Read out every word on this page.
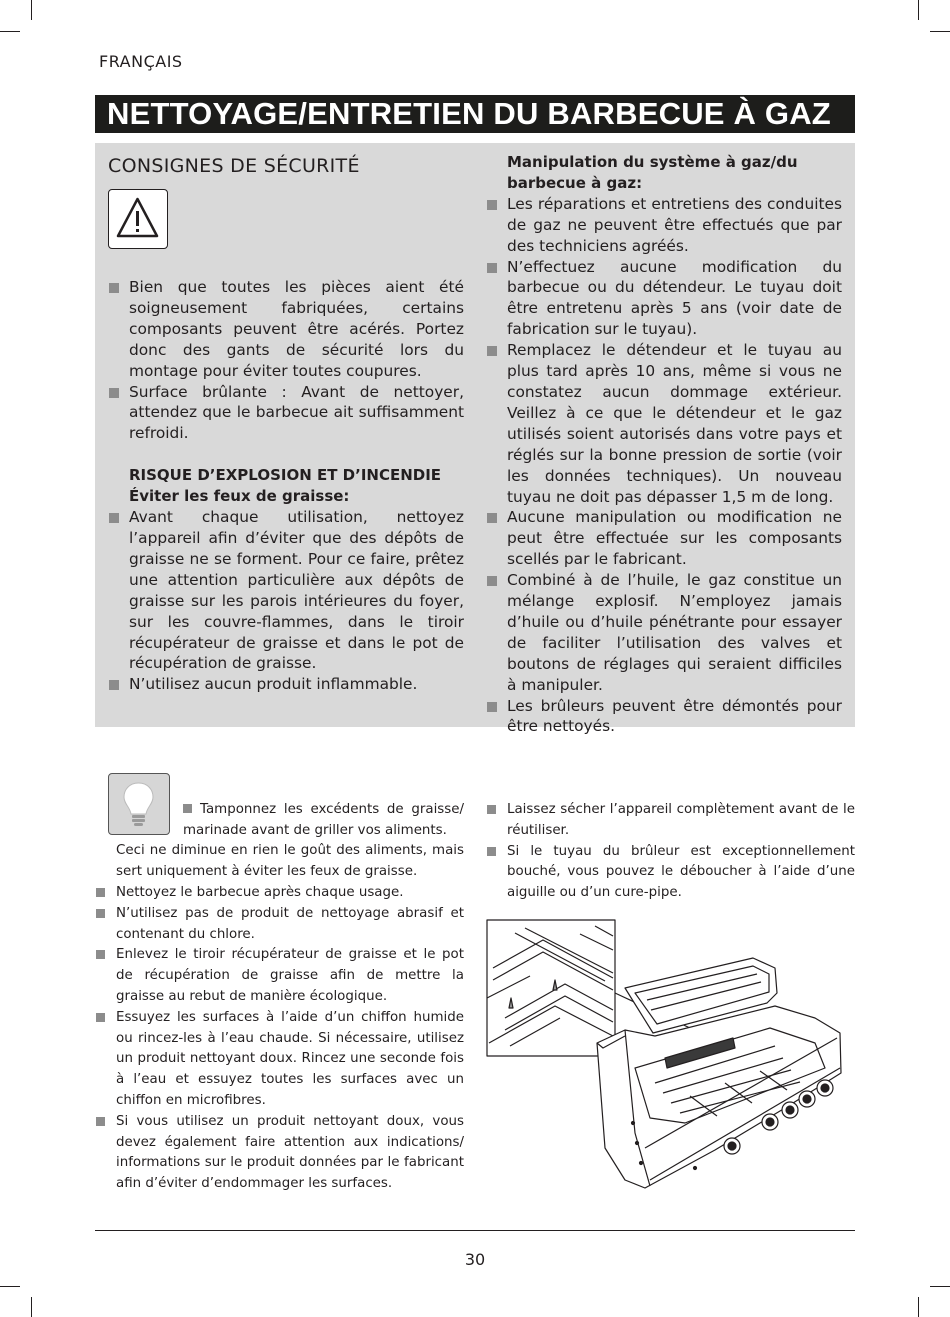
FRANÇAIS
NETTOYAGE/ENTRETIEN DU BARBECUE À GAZ
CONSIGNES DE SÉCURITÉ

Bien que toutes les pièces aient été soigneusement fabriquées, certains composants peuvent être acérés. Portez donc des gants de sécurité lors du montage pour éviter toutes coupures.

Surface brûlante : Avant de nettoyer, attendez que le barbecue ait suffisamment refroidi.

RISQUE D’EXPLOSION ET D’INCENDIE

Éviter les feux de graisse:

Avant chaque utilisation, nettoyez l’appareil afin d’éviter que des dépôts de graisse ne se forment. Pour ce faire, prêtez une attention particulière aux dépôts de graisse sur les parois intérieures du foyer, sur les couvre-flammes, dans le tiroir récupérateur de graisse et dans le pot de récupération de graisse.

N’utilisez aucun produit inflammable.

Manipulation du système à gaz/du barbecue à gaz:

Les réparations et entretiens des conduites de gaz ne peuvent être effectués que par des techniciens agréés.

N’effectuez aucune modification du barbecue ou du détendeur. Le tuyau doit être entretenu après 5 ans (voir date de fabrication sur le tuyau).

Remplacez le détendeur et le tuyau au plus tard après 10 ans, même si vous ne constatez aucun dommage extérieur. Veillez à ce que le détendeur et le gaz utilisés soient autorisés dans votre pays et réglés sur la bonne pression de sortie (voir les données techniques). Un nouveau tuyau ne doit pas dépasser 1,5 m de long.

Aucune manipulation ou modification ne peut être effectuée sur les composants scellés par le fabricant.

Combiné à de l’huile, le gaz constitue un mélange explosif. N’employez jamais d’huile ou d’huile pénétrante pour essayer de faciliter l’utilisation des valves et boutons de réglages qui seraient difficiles à manipuler.

Les brûleurs peuvent être démontés pour être nettoyés.

Tamponnez les excédents de graisse/ marinade avant de griller vos aliments.
Ceci ne diminue en rien le goût des aliments, mais sert uniquement à éviter les feux de graisse.

Nettoyez le barbecue après chaque usage.

N’utilisez pas de produit de nettoyage abrasif et contenant du chlore.

Enlevez le tiroir récupérateur de graisse et le pot de récupération de graisse afin de mettre la graisse au rebut de manière écologique.

Essuyez les surfaces à l’aide d’un chiffon humide ou rincez-les à l’eau chaude. Si nécessaire, utilisez un produit nettoyant doux. Rincez une seconde fois à l’eau et essuyez toutes les surfaces avec un chiffon en microfibres.

Si vous utilisez un produit nettoyant doux, vous devez également faire attention aux indications/ informations sur le produit données par le fabricant afin d’éviter d’endommager les surfaces.

Laissez sécher l’appareil complètement avant de le réutiliser.

Si le tuyau du brûleur est exceptionnellement bouché, vous pouvez le déboucher à l’aide d’une aiguille ou d’un cure-pipe.

30
